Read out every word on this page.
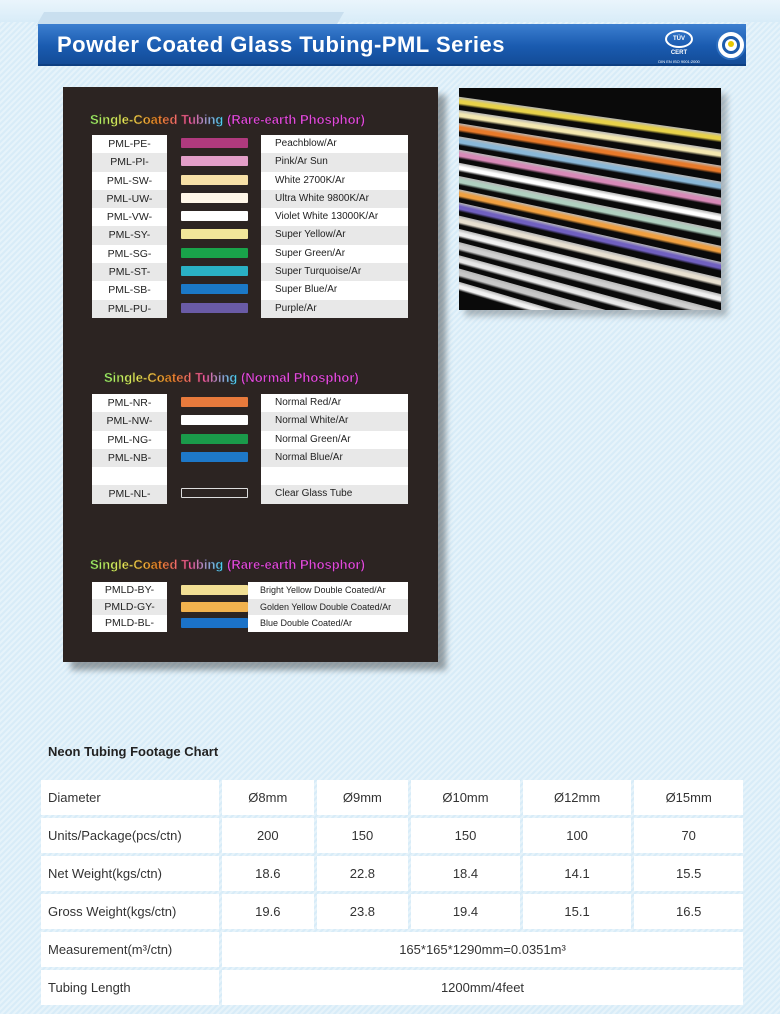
Powder Coated Glass Tubing-PML Series	TÜV CERT
DIN EN ISO 9001:2000
Single-Coated Tubing (Rare-earth Phosphor)
PML-PE-	Peachblow/Ar
PML-PI-	Pink/Ar Sun
PML-SW-	White 2700K/Ar
PML-UW-	Ultra White 9800K/Ar
PML-VW-	Violet White 13000K/Ar
PML-SY-	Super Yellow/Ar
PML-SG-	Super Green/Ar
PML-ST-	Super Turquoise/Ar
PML-SB-	Super Blue/Ar
PML-PU-	Purple/Ar
Single-Coated Tubing (Normal Phosphor)
PML-NR-	Normal Red/Ar
PML-NW-	Normal White/Ar
PML-NG-	Normal Green/Ar
PML-NB-	Normal Blue/Ar
PML-NL-	Clear Glass Tube
Single-Coated Tubing (Rare-earth Phosphor)
PMLD-BY-	Bright Yellow Double Coated/Ar
PMLD-GY-	Golden Yellow Double Coated/Ar
PMLD-BL-	Blue Double Coated/Ar
Neon Tubing Footage Chart
Diameter	Ø8mm	Ø9mm	Ø10mm	Ø12mm	Ø15mm
Units/Package(pcs/ctn)	200	150	150	100	70
Net Weight(kgs/ctn)	18.6	22.8	18.4	14.1	15.5
Gross Weight(kgs/ctn)	19.6	23.8	19.4	15.1	16.5
Measurement(m³/ctn)	165*165*1290mm=0.0351m³				
Tubing Length	1200mm/4feet				
